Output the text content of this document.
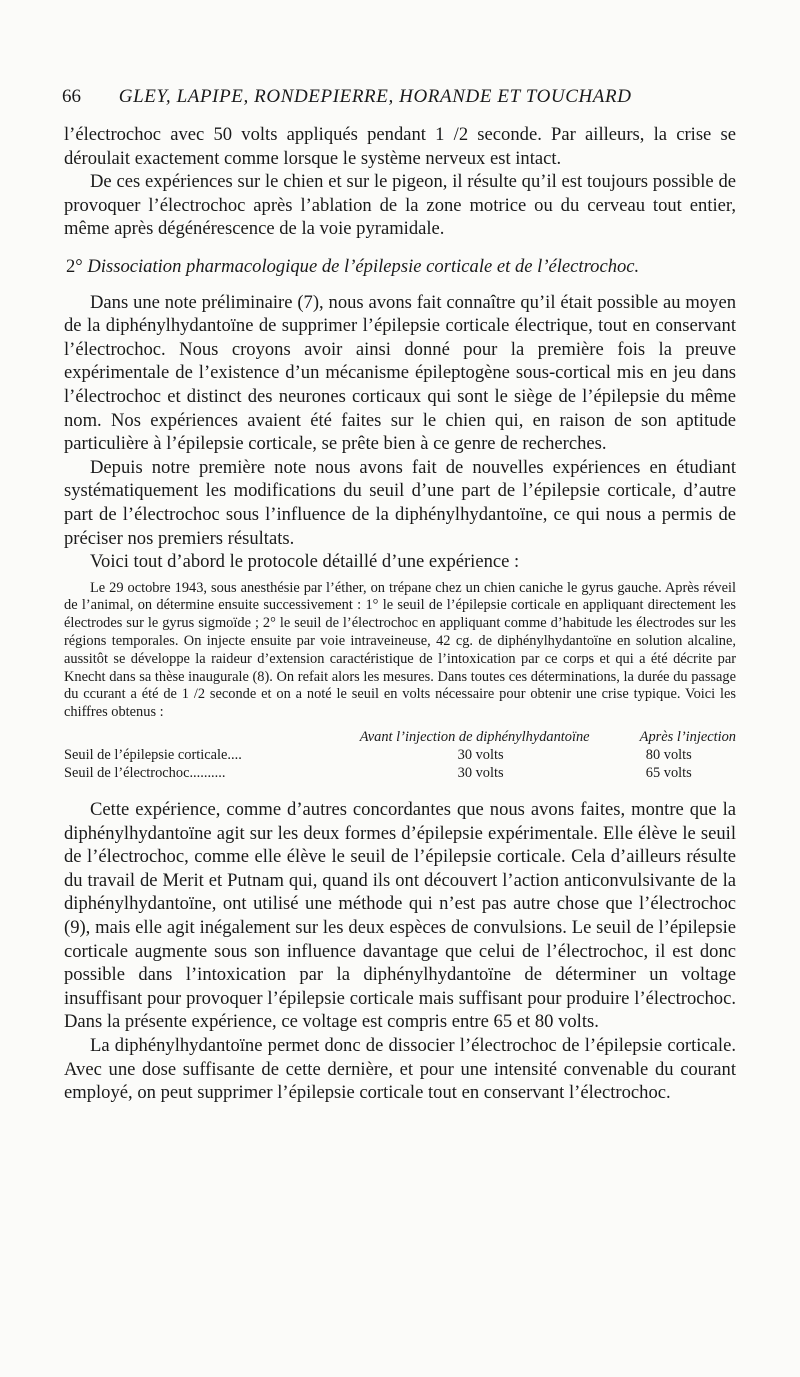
66 GLEY, LAPIPE, RONDEPIERRE, HORANDE ET TOUCHARD

l’électrochoc avec 50 volts appliqués pendant 1 /2 seconde. Par ailleurs, la crise se déroulait exactement comme lorsque le système nerveux est intact.

De ces expériences sur le chien et sur le pigeon, il résulte qu’il est toujours possible de provoquer l’électrochoc après l’ablation de la zone motrice ou du cerveau tout entier, même après dégénérescence de la voie pyramidale.

2° Dissociation pharmacologique de l’épilepsie corticale et de l’électrochoc.

Dans une note préliminaire (7), nous avons fait connaître qu’il était possible au moyen de la diphénylhydantoïne de supprimer l’épilepsie corticale électrique, tout en conservant l’électrochoc. Nous croyons avoir ainsi donné pour la première fois la preuve expérimentale de l’existence d’un mécanisme épileptogène sous-cortical mis en jeu dans l’électrochoc et distinct des neurones corticaux qui sont le siège de l’épilepsie du même nom. Nos expériences avaient été faites sur le chien qui, en raison de son aptitude particulière à l’épilepsie corticale, se prête bien à ce genre de recherches.

Depuis notre première note nous avons fait de nouvelles expériences en étudiant systématiquement les modifications du seuil d’une part de l’épilepsie corticale, d’autre part de l’électrochoc sous l’influence de la diphénylhydantoïne, ce qui nous a permis de préciser nos premiers résultats.

Voici tout d’abord le protocole détaillé d’une expérience :

Le 29 octobre 1943, sous anesthésie par l’éther, on trépane chez un chien caniche le gyrus gauche. Après réveil de l’animal, on détermine ensuite successivement : 1° le seuil de l’épilepsie corticale en appliquant directement les électrodes sur le gyrus sigmoïde ; 2° le seuil de l’électrochoc en appliquant comme d’habitude les électrodes sur les régions temporales. On injecte ensuite par voie intraveineuse, 42 cg. de diphénylhydantoïne en solution alcaline, aussitôt se développe la raideur d’extension caractéristique de l’intoxication par ce corps et qui a été décrite par Knecht dans sa thèse inaugurale (8). On refait alors les mesures. Dans toutes ces déterminations, la durée du passage du ccurant a été de 1 /2 seconde et on a noté le seuil en volts nécessaire pour obtenir une crise typique. Voici les chiffres obtenus :

	Avant l’injection de diphénylhydantoïne	Après l’injection
Seuil de l’épilepsie corticale....	30 volts	80 volts
Seuil de l’électrochoc..........	30 volts	65 volts

Cette expérience, comme d’autres concordantes que nous avons faites, montre que la diphénylhydantoïne agit sur les deux formes d’épilepsie expérimentale. Elle élève le seuil de l’électrochoc, comme elle élève le seuil de l’épilepsie corticale. Cela d’ailleurs résulte du travail de Merit et Putnam qui, quand ils ont découvert l’action anticonvulsivante de la diphénylhydantoïne, ont utilisé une méthode qui n’est pas autre chose que l’électrochoc (9), mais elle agit inégalement sur les deux espèces de convulsions. Le seuil de l’épilepsie corticale augmente sous son influence davantage que celui de l’électrochoc, il est donc possible dans l’intoxication par la diphénylhydantoïne de déterminer un voltage insuffisant pour provoquer l’épilepsie corticale mais suffisant pour produire l’électrochoc. Dans la présente expérience, ce voltage est compris entre 65 et 80 volts.

La diphénylhydantoïne permet donc de dissocier l’électrochoc de l’épilepsie corticale. Avec une dose suffisante de cette dernière, et pour une intensité convenable du courant employé, on peut supprimer l’épilepsie corticale tout en conservant l’électrochoc.
